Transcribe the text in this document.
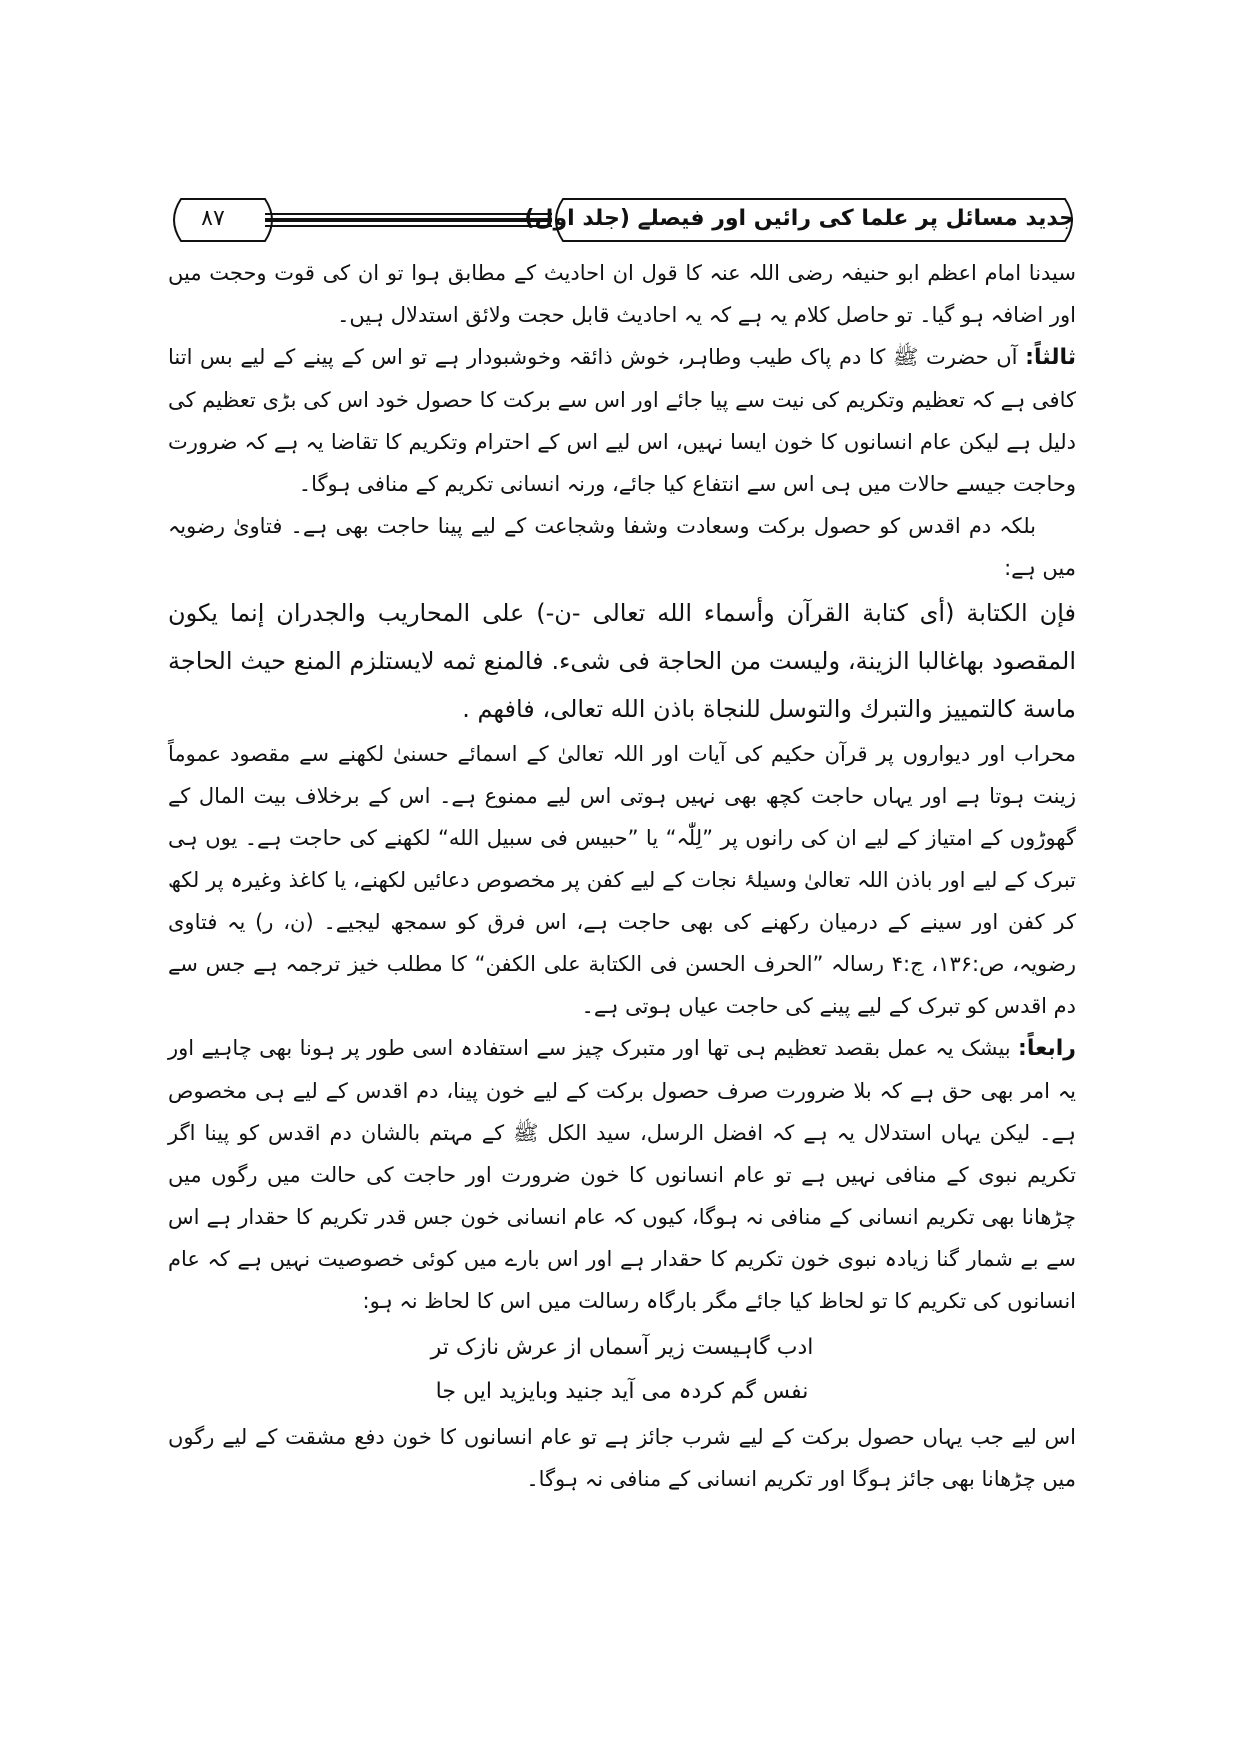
جدید مسائل پر علما کی رائیں اور فیصلے (جلد اول)
۸۷

سیدنا امام اعظم ابو حنیفہ رضی اللہ عنہ کا قول ان احادیث کے مطابق ہوا تو ان کی قوت وحجت میں اور اضافہ ہو گیا۔ تو حاصل کلام یہ ہے کہ یہ احادیث قابل حجت ولائق استدلال ہیں۔

ثالثاً: آں حضرت ﷺ کا دم پاک طیب وطاہر، خوش ذائقہ وخوشبودار ہے تو اس کے پینے کے لیے بس اتنا کافی ہے کہ تعظیم وتکریم کی نیت سے پیا جائے اور اس سے برکت کا حصول خود اس کی بڑی تعظیم کی دلیل ہے لیکن عام انسانوں کا خون ایسا نہیں، اس لیے اس کے احترام وتکریم کا تقاضا یہ ہے کہ ضرورت وحاجت جیسے حالات میں ہی اس سے انتفاع کیا جائے، ورنہ انسانی تکریم کے منافی ہوگا۔

بلکہ دم اقدس کو حصول برکت وسعادت وشفا وشجاعت کے لیے پینا حاجت بھی ہے۔ فتاویٰ رضویہ میں ہے:

فإن الكتابة (أی كتابة القرآن وأسماء الله تعالى -ن-) على المحاريب والجدران إنما يكون المقصود بهاغالبا الزينة، وليست من الحاجة فی شیء. فالمنع ثمه لايستلزم المنع حيث الحاجة ماسة كالتمييز والتبرك والتوسل للنجاة باذن الله تعالى، فافهم .

محراب اور دیواروں پر قرآن حکیم کی آیات اور اللہ تعالیٰ کے اسمائے حسنیٰ لکھنے سے مقصود عموماً زینت ہوتا ہے اور یہاں حاجت کچھ بھی نہیں ہوتی اس لیے ممنوع ہے۔ اس کے برخلاف بیت المال کے گھوڑوں کے امتیاز کے لیے ان کی رانوں پر ”لِلّٰہ“ یا ”حبیس فی سبیل الله“ لکھنے کی حاجت ہے۔ یوں ہی تبرک کے لیے اور باذن اللہ تعالیٰ وسیلۂ نجات کے لیے کفن پر مخصوص دعائیں لکھنے، یا کاغذ وغیرہ پر لکھ کر کفن اور سینے کے درمیان رکھنے کی بھی حاجت ہے، اس فرق کو سمجھ لیجیے۔ (ن، ر) یہ فتاوی رضویہ، ص:۱۳۶، ج:۴ رسالہ ”الحرف الحسن فی الكتابة على الكفن“ کا مطلب خیز ترجمہ ہے جس سے دم اقدس کو تبرک کے لیے پینے کی حاجت عیاں ہوتی ہے۔

رابعاً: بیشک یہ عمل بقصد تعظیم ہی تھا اور متبرک چیز سے استفادہ اسی طور پر ہونا بھی چاہیے اور یہ امر بھی حق ہے کہ بلا ضرورت صرف حصول برکت کے لیے خون پینا، دم اقدس کے لیے ہی مخصوص ہے۔ لیکن یہاں استدلال یہ ہے کہ افضل الرسل، سید الکل ﷺ کے مہتم بالشان دم اقدس کو پینا اگر تکریم نبوی کے منافی نہیں ہے تو عام انسانوں کا خون ضرورت اور حاجت کی حالت میں رگوں میں چڑھانا بھی تکریم انسانی کے منافی نہ ہوگا، کیوں کہ عام انسانی خون جس قدر تکریم کا حقدار ہے اس سے بے شمار گنا زیادہ نبوی خون تکریم کا حقدار ہے اور اس بارے میں کوئی خصوصیت نہیں ہے کہ عام انسانوں کی تکریم کا تو لحاظ کیا جائے مگر بارگاہ رسالت میں اس کا لحاظ نہ ہو:

ادب گاہیست زیر آسماں از عرش نازک تر
نفس گم کردہ می آید جنید وبایزید ایں جا

اس لیے جب یہاں حصول برکت کے لیے شرب جائز ہے تو عام انسانوں کا خون دفع مشقت کے لیے رگوں میں چڑھانا بھی جائز ہوگا اور تکریم انسانی کے منافی نہ ہوگا۔
